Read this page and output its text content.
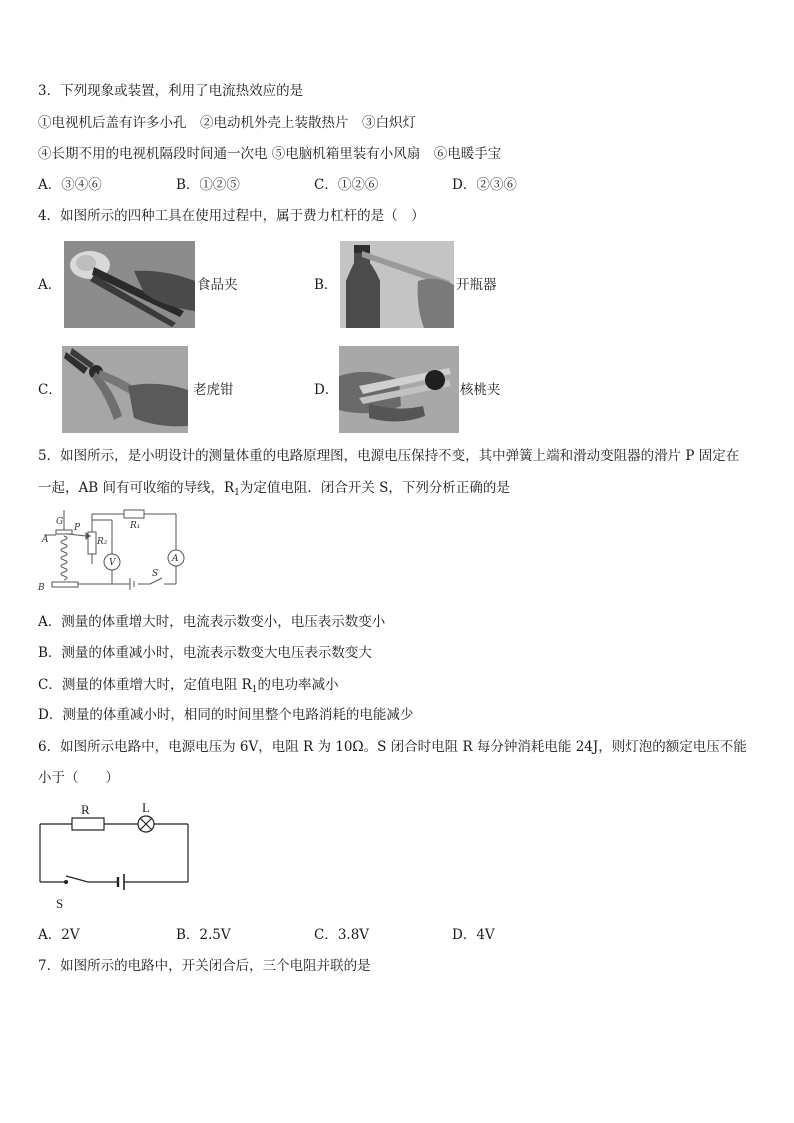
3．下列现象或装置，利用了电流热效应的是
①电视机后盖有许多小孔　②电动机外壳上装散热片　③白炽灯
④长期不用的电视机隔段时间通一次电 ⑤电脑机箱里装有小风扇　⑥电暖手宝
A．③④⑥	B．①②⑤	C．①②⑥	D．②③⑥
4．如图所示的四种工具在使用过程中，属于费力杠杆的是（　）
A．	食品夹	B．	开瓶器
C．	老虎钳	D．	核桃夹
5．如图所示，是小明设计的测量体重的电路原理图，电源电压保持不变，其中弹簧上端和滑动变阻器的滑片 P 固定在
一起，AB 间有可收缩的导线，$R_1$为定值电阻．闭合开关 S，下列分析正确的是
G
P
A
B
R₂
R₁
V	A
S
A．测量的体重增大时，电流表示数变小，电压表示数变小
B．测量的体重减小时，电流表示数变大电压表示数变大
C．测量的体重增大时，定值电阻 $R_1$的电功率减小
D．测量的体重减小时，相同的时间里整个电路消耗的电能减少
6．如图所示电路中，电源电压为 6V，电阻 R 为 10Ω。S 闭合时电阻 R 每分钟消耗电能 24J，则灯泡的额定电压不能
小于（　　）
R	L
S
A．2V	B．2.5V	C．3.8V	D．4V
7．如图所示的电路中，开关闭合后，三个电阻并联的是
